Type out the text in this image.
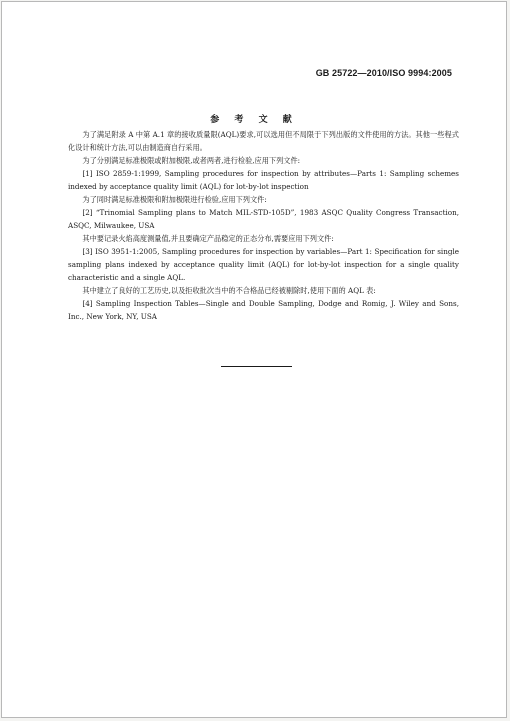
GB 25722—2010/ISO 9994:2005
参 考 文 献

为了满足附录 A 中第 A.1 章的接收质量限(AQL)要求,可以选用但不局限于下列出版的文件使用的方法。其他一些程式化设计和统计方法,可以由制造商自行采用。

为了分别满足标准极限或附加极限,或者两者,进行检验,应用下列文件:

[1] ISO 2859-1:1999, Sampling procedures for inspection by attributes—Parts 1: Sampling schemes indexed by acceptance quality limit (AQL) for lot-by-lot inspection

为了同时满足标准极限和附加极限进行检验,应用下列文件:

[2] “Trinomial Sampling plans to Match MIL-STD-105D”, 1983 ASQC Quality Congress Transaction, ASQC, Milwaukee, USA

其中要记录火焰高度测量值,并且要确定产品稳定的正态分布,需要应用下列文件:

[3] ISO 3951-1:2005, Sampling procedures for inspection by variables—Part 1: Specification for single sampling plans indexed by acceptance quality limit (AQL) for lot-by-lot inspection for a single quality characteristic and a single AQL.

其中建立了良好的工艺历史,以及拒收批次当中的不合格品已经被剔除时,使用下面的 AQL 表:

[4] Sampling Inspection Tables—Single and Double Sampling, Dodge and Romig, J. Wiley and Sons, Inc., New York, NY, USA
